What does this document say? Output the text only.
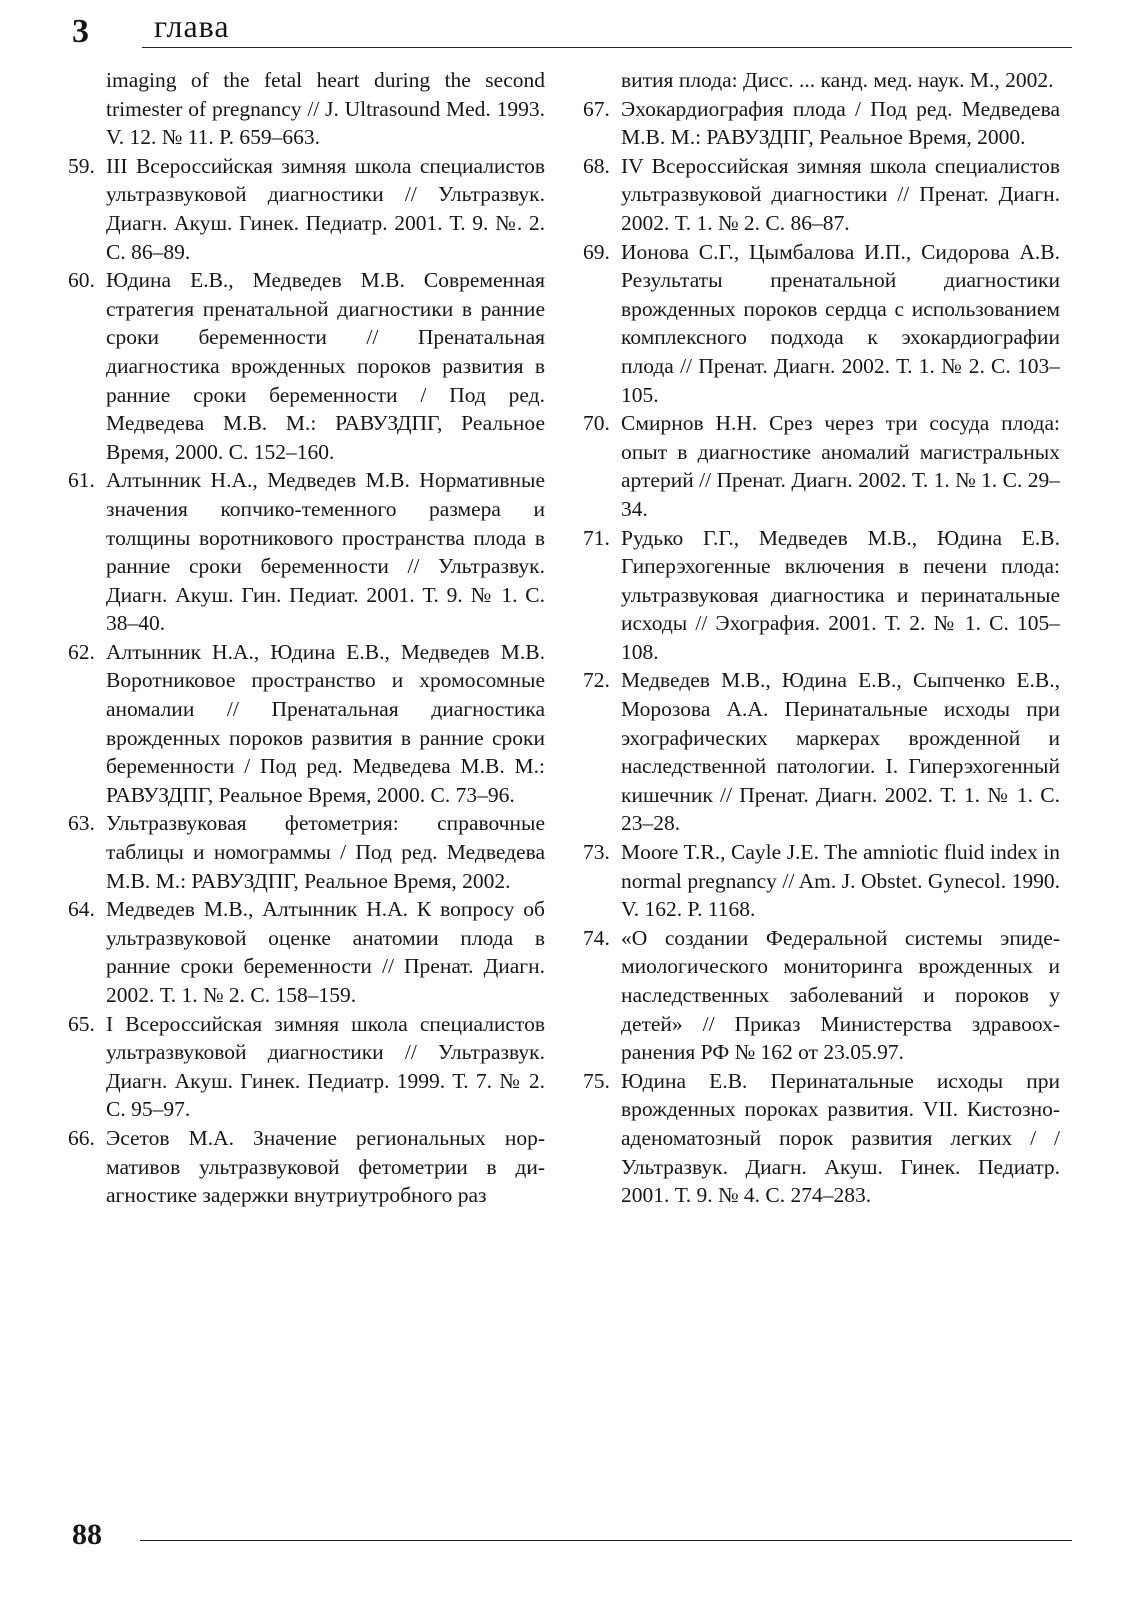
3 глава
imaging of the fetal heart during the second trimester of pregnancy // J. Ultrasound Med. 1993. V. 12. № 11. P. 659–663.
59. III Всероссийская зимняя школа специалистов ультразвуковой диагностики // Ультразвук. Диагн. Акуш. Гинек. Педиатр. 2001. Т. 9. №. 2. С. 86–89.
60. Юдина Е.В., Медведев М.В. Современная стратегия пренатальной диагностики в ранние сроки беременности // Пренатальная диагностика врожденных пороков развития в ранние сроки беременности / Под ред. Медведева М.В. М.: РАВУЗДПГ, Реальное Время, 2000. С. 152–160.
61. Алтынник Н.А., Медведев М.В. Нормативные значения копчико-теменного размера и толщины воротникового пространства плода в ранние сроки беременности // Ультразвук. Диагн. Акуш. Гин. Педиат. 2001. Т. 9. № 1. С. 38–40.
62. Алтынник Н.А., Юдина Е.В., Медведев М.В. Воротниковое пространство и хромосомные аномалии // Пренатальная диагностика врожденных пороков развития в ранние сроки беременности / Под ред. Медведева М.В. М.: РАВУЗДПГ, Реальное Время, 2000. С. 73–96.
63. Ультразвуковая фетометрия: справочные таблицы и номограммы / Под ред. Медведева М.В. М.: РАВУЗДПГ, Реальное Время, 2002.
64. Медведев М.В., Алтынник Н.А. К вопросу об ультразвуковой оценке анатомии плода в ранние сроки беременности // Пренат. Диагн. 2002. Т. 1. № 2. С. 158–159.
65. I Всероссийская зимняя школа специалистов ультразвуковой диагностики // Ультразвук. Диагн. Акуш. Гинек. Педиатр. 1999. Т. 7. № 2. С. 95–97.
66. Эсетов М.А. Значение региональных нормативов ультразвуковой фетометрии в диагностике задержки внутриутробного раз
вития плода: Дисс. ... канд. мед. наук. М., 2002.
67. Эхокардиография плода / Под ред. Медведева М.В. М.: РАВУЗДПГ, Реальное Время, 2000.
68. IV Всероссийская зимняя школа специалистов ультразвуковой диагностики // Пренат. Диагн. 2002. Т. 1. № 2. С. 86–87.
69. Ионова С.Г., Цымбалова И.П., Сидорова А.В. Результаты пренатальной диагностики врожденных пороков сердца с использованием комплексного подхода к эхокардиографии плода // Пренат. Диагн. 2002. Т. 1. № 2. С. 103–105.
70. Смирнов Н.Н. Срез через три сосуда плода: опыт в диагностике аномалий магистральных артерий // Пренат. Диагн. 2002. Т. 1. № 1. С. 29–34.
71. Рудько Г.Г., Медведев М.В., Юдина Е.В. Гиперэхогенные включения в печени плода: ультразвуковая диагностика и перинатальные исходы // Эхография. 2001. Т. 2. № 1. С. 105–108.
72. Медведев М.В., Юдина Е.В., Сыпченко Е.В., Морозова А.А. Перинатальные исходы при эхографических маркерах врожденной и наследственной патологии. I. Гиперэхогенный кишечник // Пренат. Диагн. 2002. Т. 1. № 1. С. 23–28.
73. Moore T.R., Cayle J.E. The amniotic fluid index in normal pregnancy // Am. J. Obstet. Gynecol. 1990. V. 162. P. 1168.
74. «О создании Федеральной системы эпидемиологического мониторинга врожденных и наследственных заболеваний и пороков у детей» // Приказ Министерства здравоохранения РФ № 162 от 23.05.97.
75. Юдина Е.В. Перинатальные исходы при врожденных пороках развития. VII. Кистозно-аденоматозный порок развития легких / / Ультразвук. Диагн. Акуш. Гинек. Педиатр. 2001. Т. 9. № 4. С. 274–283.
88
